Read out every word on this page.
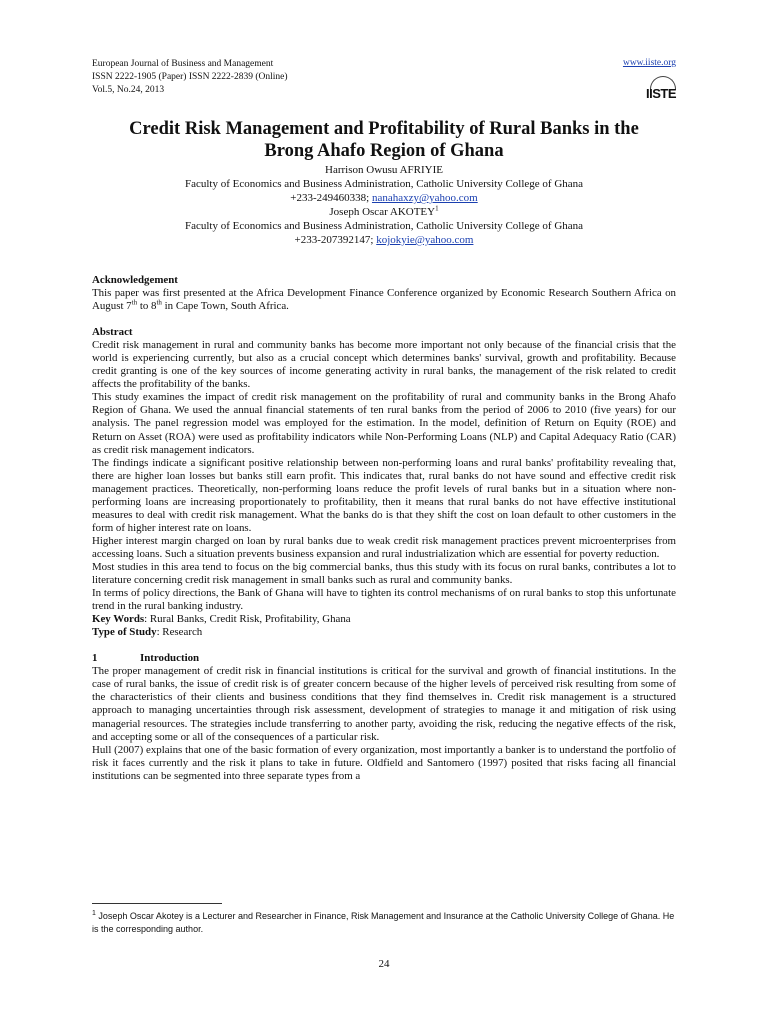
European Journal of Business and Management
ISSN 2222-1905 (Paper) ISSN 2222-2839 (Online)
Vol.5, No.24, 2013
www.iiste.org
IISTE
Credit Risk Management and Profitability of Rural Banks in the
Brong Ahafo Region of Ghana
Harrison Owusu AFRIYIE
Faculty of Economics and Business Administration, Catholic University College of Ghana
+233-249460338; nanahaxzy@yahoo.com
Joseph Oscar AKOTEY$^1$
Faculty of Economics and Business Administration, Catholic University College of Ghana
+233-207392147; kojokyie@yahoo.com

Acknowledgement

This paper was first presented at the Africa Development Finance Conference organized by Economic Research Southern Africa on August 7th to 8th in Cape Town, South Africa.

Abstract

Credit risk management in rural and community banks has become more important not only because of the financial crisis that the world is experiencing currently, but also as a crucial concept which determines banks' survival, growth and profitability. Because credit granting is one of the key sources of income generating activity in rural banks, the management of the risk related to credit affects the profitability of the banks.

This study examines the impact of credit risk management on the profitability of rural and community banks in the Brong Ahafo Region of Ghana. We used the annual financial statements of ten rural banks from the period of 2006 to 2010 (five years) for our analysis. The panel regression model was employed for the estimation. In the model, definition of Return on Equity (ROE) and Return on Asset (ROA) were used as profitability indicators while Non-Performing Loans (NLP) and Capital Adequacy Ratio (CAR) as credit risk management indicators.

The findings indicate a significant positive relationship between non-performing loans and rural banks' profitability revealing that, there are higher loan losses but banks still earn profit. This indicates that, rural banks do not have sound and effective credit risk management practices. Theoretically, non-performing loans reduce the profit levels of rural banks but in a situation where non-performing loans are increasing proportionately to profitability, then it means that rural banks do not have effective institutional measures to deal with credit risk management. What the banks do is that they shift the cost on loan default to other customers in the form of higher interest rate on loans.

Higher interest margin charged on loan by rural banks due to weak credit risk management practices prevent microenterprises from accessing loans. Such a situation prevents business expansion and rural industrialization which are essential for poverty reduction.

Most studies in this area tend to focus on the big commercial banks, thus this study with its focus on rural banks, contributes a lot to literature concerning credit risk management in small banks such as rural and community banks.

In terms of policy directions, the Bank of Ghana will have to tighten its control mechanisms of on rural banks to stop this unfortunate trend in the rural banking industry.

Key Words: Rural Banks, Credit Risk, Profitability, Ghana

Type of Study: Research

1	Introduction

The proper management of credit risk in financial institutions is critical for the survival and growth of financial institutions. In the case of rural banks, the issue of credit risk is of greater concern because of the higher levels of perceived risk resulting from some of the characteristics of their clients and business conditions that they find themselves in. Credit risk management is a structured approach to managing uncertainties through risk assessment, development of strategies to manage it and mitigation of risk using managerial resources. The strategies include transferring to another party, avoiding the risk, reducing the negative effects of the risk, and accepting some or all of the consequences of a particular risk.

Hull (2007) explains that one of the basic formation of every organization, most importantly a banker is to understand the portfolio of risk it faces currently and the risk it plans to take in future. Oldfield and Santomero (1997) posited that risks facing all financial institutions can be segmented into three separate types from a

$^1$ Joseph Oscar Akotey is a Lecturer and Researcher in Finance, Risk Management and Insurance at the Catholic University College of Ghana. He is the corresponding author.
24
